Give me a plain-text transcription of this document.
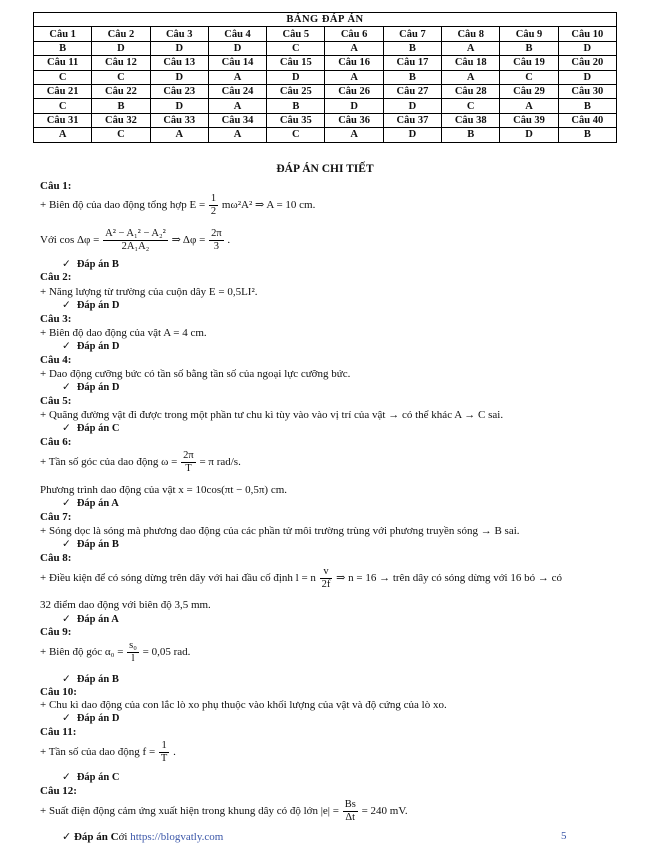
BẢNG ĐÁP ÁN									
Câu 1	Câu 2	Câu 3	Câu 4	Câu 5	Câu 6	Câu 7	Câu 8	Câu 9	Câu 10
B	D	D	D	C	A	B	A	B	D
Câu 11	Câu 12	Câu 13	Câu 14	Câu 15	Câu 16	Câu 17	Câu 18	Câu 19	Câu 20
C	C	D	A	D	A	B	A	C	D
Câu 21	Câu 22	Câu 23	Câu 24	Câu 25	Câu 26	Câu 27	Câu 28	Câu 29	Câu 30
C	B	D	A	B	D	D	C	A	B
Câu 31	Câu 32	Câu 33	Câu 34	Câu 35	Câu 36	Câu 37	Câu 38	Câu 39	Câu 40
A	C	A	A	C	A	D	B	D	B
ĐÁP ÁN CHI TIẾT
Câu 1:
+ Biên độ của dao động tổng hợp $E = \frac{1}{2} m\omega^2A^2$ ⇒ A = 10 cm.
Với $\cos \Delta\varphi = \frac{\text{A² − A₁² − A₂²}}{\text{2A₁A₂}}$ ⇒ $\Delta\varphi = \frac{2\pi}{3}$ .
✓ Đáp án B
Câu 2:
+ Năng lượng từ trường của cuộn dây E = 0,5LI².
✓ Đáp án D
Câu 3:
+ Biên độ dao động của vật A = 4 cm.
✓ Đáp án D
Câu 4:
+ Dao động cưỡng bức có tần số bằng tần số của ngoại lực cưỡng bức.
✓ Đáp án D
Câu 5:
+ Quãng đường vật đi được trong một phần tư chu kì tùy vào vào vị trí của vật → có thể khác A → C sai.
✓ Đáp án C
Câu 6:
+ Tần số góc của dao động $\omega = \frac{2\pi}{T} = \pi$ rad/s.
Phương trình dao động của vật x = 10cos(πt − 0,5π) cm.
✓ Đáp án A
Câu 7:
+ Sóng dọc là sóng mà phương dao động của các phần tử môi trường trùng với phương truyền sóng → B sai.
✓ Đáp án B
Câu 8:
+ Điều kiện để có sóng dừng trên dây với hai đầu cố định l = n $\frac{v}{2f}$ ⇒ n = 16 → trên dây có sóng dừng với 16 bó → có
32 điểm dao động với biên độ 3,5 mm.
✓ Đáp án A
Câu 9:
+ Biên độ góc $\alpha_0 = \frac{\text{s₀}}{l} = 0,05$ rad.
✓ Đáp án B
Câu 10:
+ Chu kì dao động của con lắc lò xo phụ thuộc vào khối lượng của vật và độ cứng của lò xo.
✓ Đáp án D
Câu 11:
+ Tần số của dao động $f = \frac{1}{T}$ .
✓ Đáp án C
Câu 12:
+ Suất điện động cảm ứng xuất hiện trong khung dây có độ lớn $|e| = \frac{Bs}{\Delta t} = 240$ mV.
✓ Đáp án Cới https://blogvatly.com	5
